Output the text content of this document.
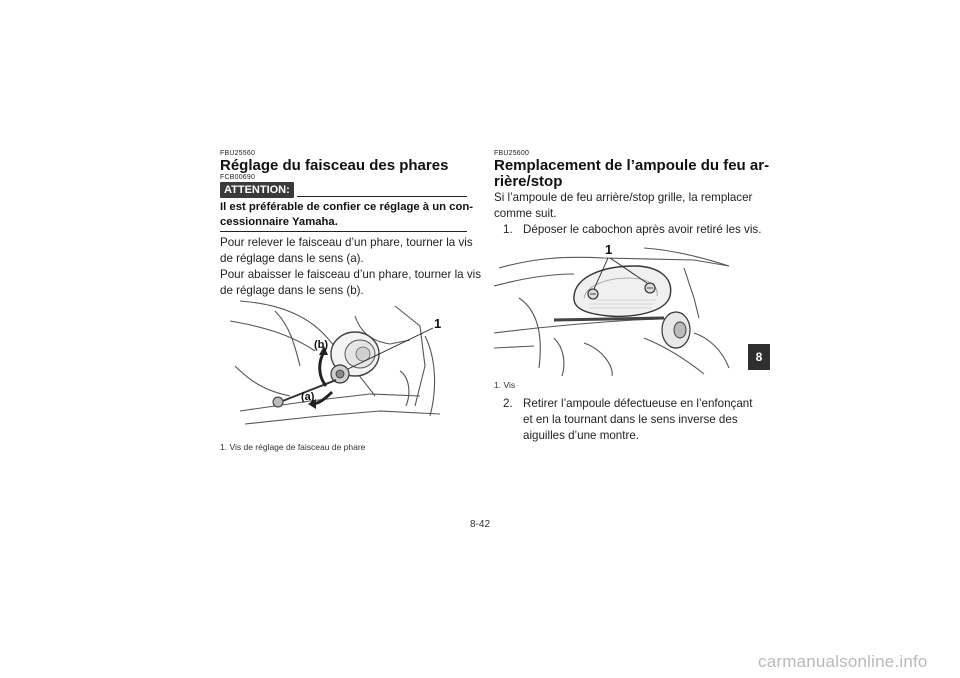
FBU25560
Réglage du faisceau des phares
FCB00690
ATTENTION:
Il est préférable de confier ce réglage à un con-
cessionnaire Yamaha.
Pour relever le faisceau d’un phare, tourner la vis
de réglage dans le sens (a).
Pour abaisser le faisceau d’un phare, tourner la vis
de réglage dans le sens (b).
1
(b)
(a)
1. Vis de réglage de faisceau de phare
FBU25600
Remplacement de l’ampoule du feu ar-
rière/stop
Si l’ampoule de feu arrière/stop grille, la remplacer
comme suit.
1. Déposer le cabochon après avoir retiré les vis.
1
1. Vis
2. Retirer l’ampoule défectueuse en l’enfonçant
et en la tournant dans le sens inverse des
aiguilles d’une montre.
8
8-42
carmanualsonline.info
